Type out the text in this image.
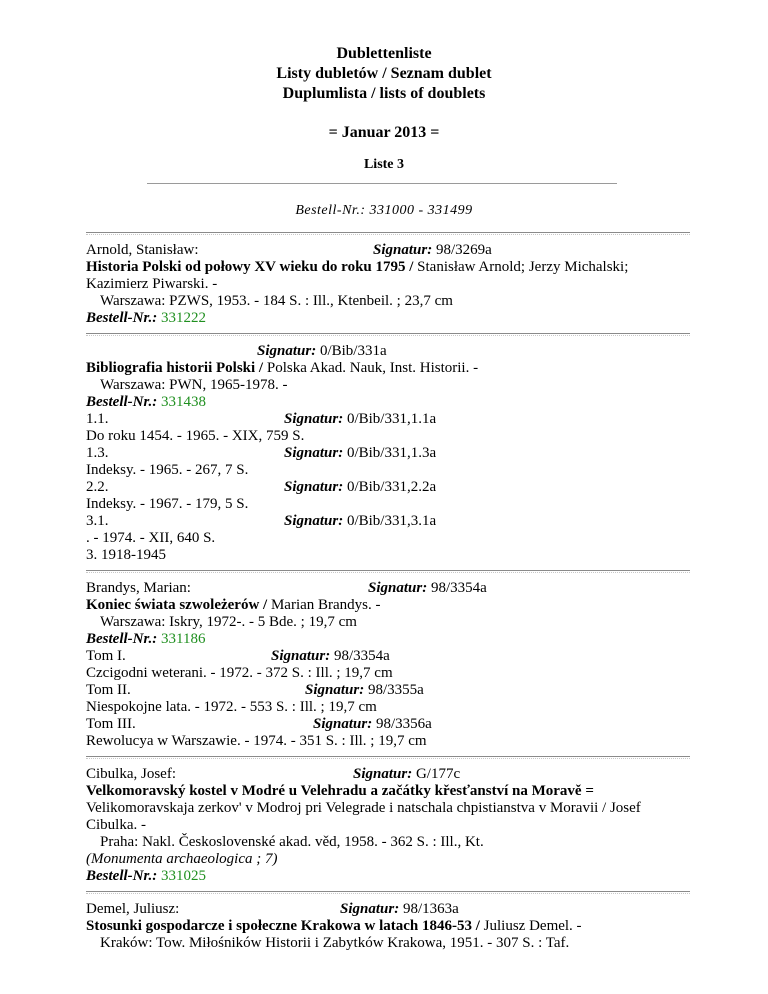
Dublettenliste
Listy dubletów / Seznam dublet
Duplumlista / lists of doublets
= Januar 2013 =
Liste 3
Bestell-Nr.: 331000 - 331499
Arnold, Stanisław:	Signatur: 98/3269a
Historia Polski od połowy XV wieku do roku 1795 / Stanisław Arnold; Jerzy Michalski;
Kazimierz Piwarski. -
Warszawa: PZWS, 1953. - 184 S. : Ill., Ktenbeil. ; 23,7 cm
Bestell-Nr.: 331222
Signatur: 0/Bib/331a
Bibliografia historii Polski / Polska Akad. Nauk, Inst. Historii. -
Warszawa: PWN, 1965-1978. -
Bestell-Nr.: 331438
1.1.	Signatur: 0/Bib/331,1.1a
Do roku 1454. - 1965. - XIX, 759 S.
1.3.	Signatur: 0/Bib/331,1.3a
Indeksy. - 1965. - 267, 7 S.
2.2.	Signatur: 0/Bib/331,2.2a
Indeksy. - 1967. - 179, 5 S.
3.1.	Signatur: 0/Bib/331,3.1a
. - 1974. - XII, 640 S.
3. 1918-1945
Brandys, Marian:	Signatur: 98/3354a
Koniec świata szwoleżerów / Marian Brandys. -
Warszawa: Iskry, 1972-. - 5 Bde. ; 19,7 cm
Bestell-Nr.: 331186
Tom I.	Signatur: 98/3354a
Czcigodni weterani. - 1972. - 372 S. : Ill. ; 19,7 cm
Tom II.	Signatur: 98/3355a
Niespokojne lata. - 1972. - 553 S. : Ill. ; 19,7 cm
Tom III.	Signatur: 98/3356a
Rewolucya w Warszawie. - 1974. - 351 S. : Ill. ; 19,7 cm
Cibulka, Josef:	Signatur: G/177c
Velkomoravský kostel v Modré u Velehradu a začátky křesťanství na Moravě =
Velikomoravskaja zerkov' v Modroj pri Velegrade i natschala chpistianstva v Moravii / Josef
Cibulka. -
Praha: Nakl. Československé akad. věd, 1958. - 362 S. : Ill., Kt.
(Monumenta archaeologica ; 7)
Bestell-Nr.: 331025
Demel, Juliusz:	Signatur: 98/1363a
Stosunki gospodarcze i społeczne Krakowa w latach 1846-53 / Juliusz Demel. -
Kraków: Tow. Miłośników Historii i Zabytków Krakowa, 1951. - 307 S. : Taf.
